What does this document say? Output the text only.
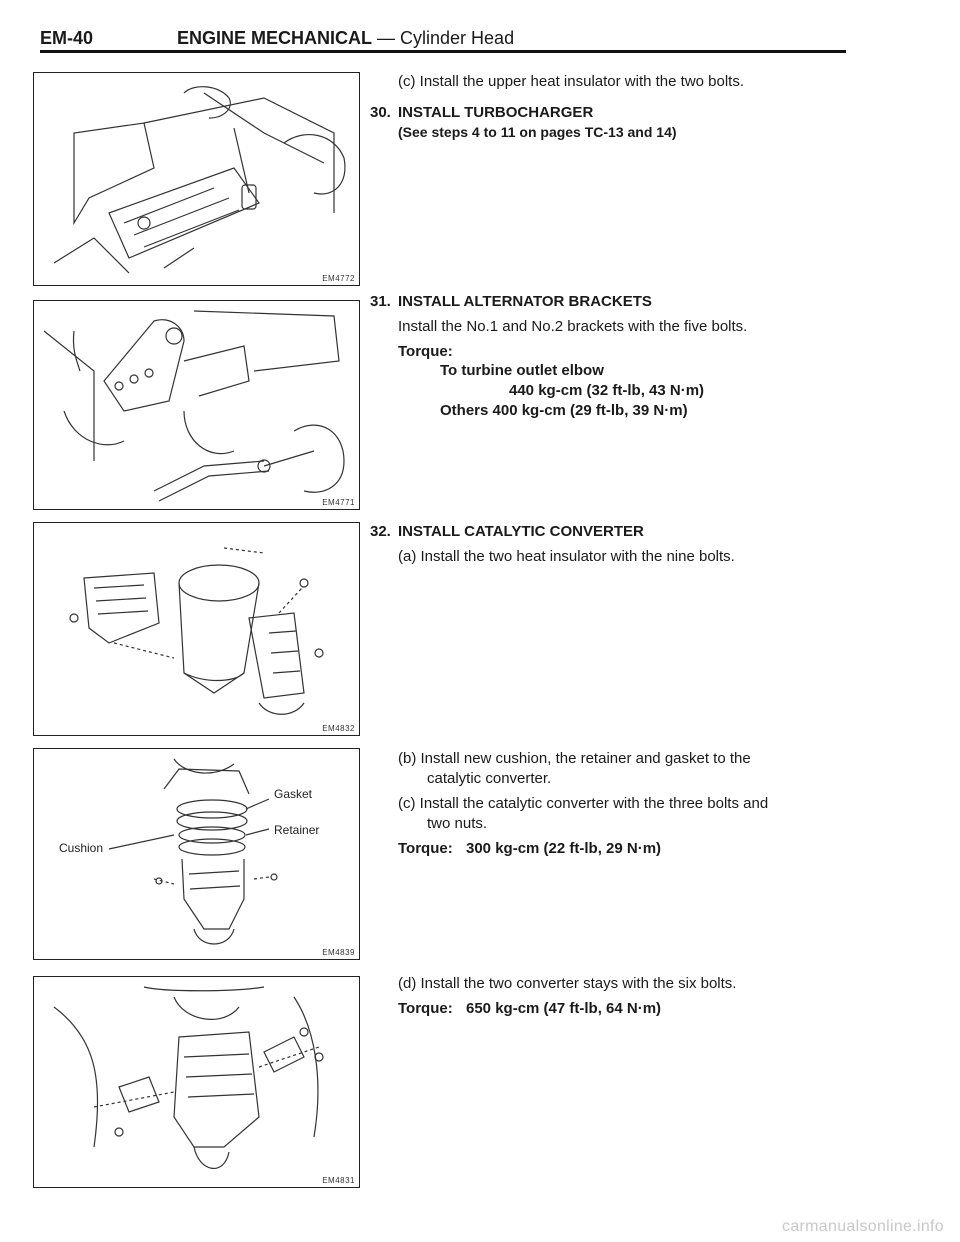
EM-40	ENGINE MECHANICAL — Cylinder Head
EM4772
EM4771
EM4832
Gasket
Retainer
Cushion
EM4839
EM4831
(c) Install the upper heat insulator with the two bolts.
30. INSTALL TURBOCHARGER
(See steps 4 to 11 on pages TC-13 and 14)
31. INSTALL ALTERNATOR BRACKETS
Install the No.1 and No.2 brackets with the five bolts.
Torque:
To turbine outlet elbow
440 kg-cm (32 ft-lb, 43 N·m)
Others 400 kg-cm (29 ft-lb, 39 N·m)
32. INSTALL CATALYTIC CONVERTER
(a) Install the two heat insulator with the nine bolts.
(b) Install new cushion, the retainer and gasket to the
catalytic converter.
(c) Install the catalytic converter with the three bolts and
two nuts.
Torque: 300 kg-cm (22 ft-lb, 29 N·m)
(d) Install the two converter stays with the six bolts.
Torque: 650 kg-cm (47 ft-lb, 64 N·m)
carmanualsonline.info
